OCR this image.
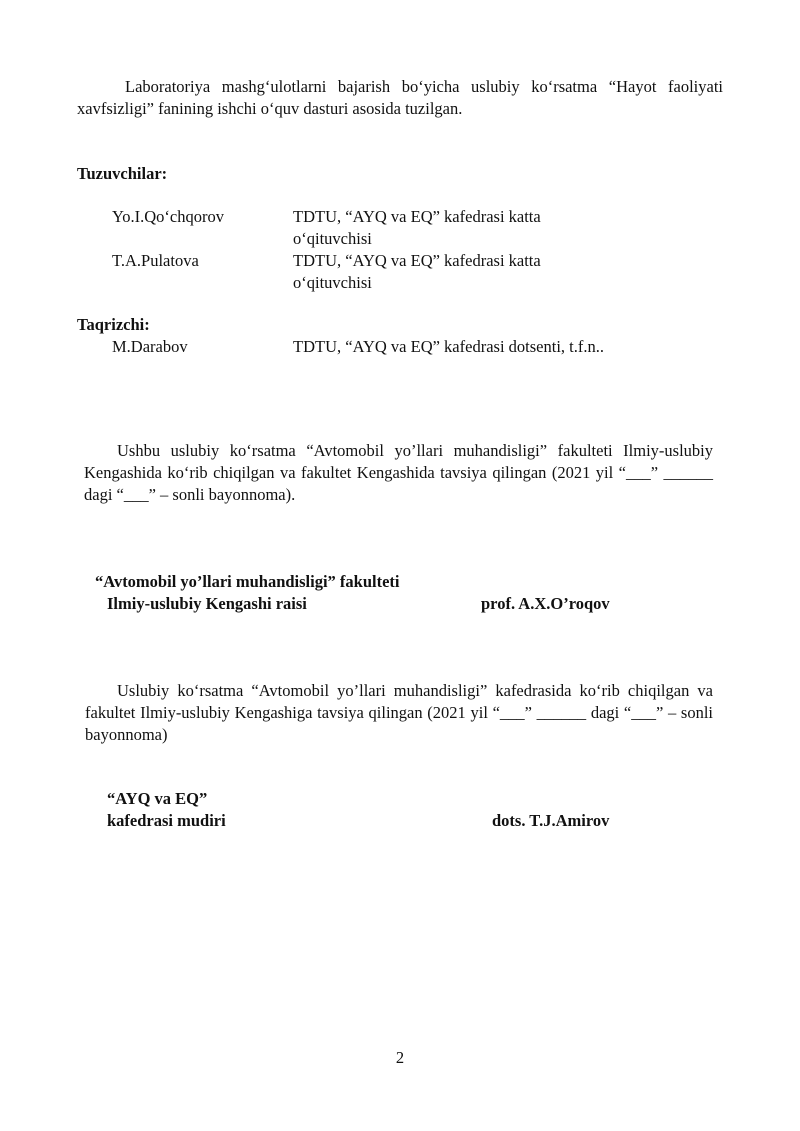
Laboratoriya mashg‘ulotlarni bajarish bo‘yicha uslubiy ko‘rsatma “Hayot faoliyati xavfsizligi” fanining ishchi o‘quv dasturi asosida tuzilgan.
Tuzuvchilar:
Yo.I.Qo‘chqorov	TDTU, “AYQ va EQ” kafedrasi katta
o‘qituvchisi
T.A.Pulatova	TDTU, “AYQ va EQ” kafedrasi katta
o‘qituvchisi
Taqrizchi:
M.Darabov	TDTU, “AYQ va EQ” kafedrasi dotsenti, t.f.n..
Ushbu uslubiy ko‘rsatma “Avtomobil yo’llari muhandisligi” fakulteti Ilmiy-uslubiy Kengashida ko‘rib chiqilgan va fakultet Kengashida tavsiya qilingan (2021 yil “___” ______ dagi “___” – sonli bayonnoma).
“Avtomobil yo’llari muhandisligi” fakulteti
Ilmiy-uslubiy Kengashi raisi	prof. A.X.O’roqov
Uslubiy ko‘rsatma “Avtomobil yo’llari muhandisligi” kafedrasida ko‘rib chiqilgan va fakultet Ilmiy-uslubiy Kengashiga tavsiya qilingan (2021 yil “___” ______ dagi “___” – sonli bayonnoma)
“AYQ va EQ”
kafedrasi mudiri	dots. T.J.Amirov
2
